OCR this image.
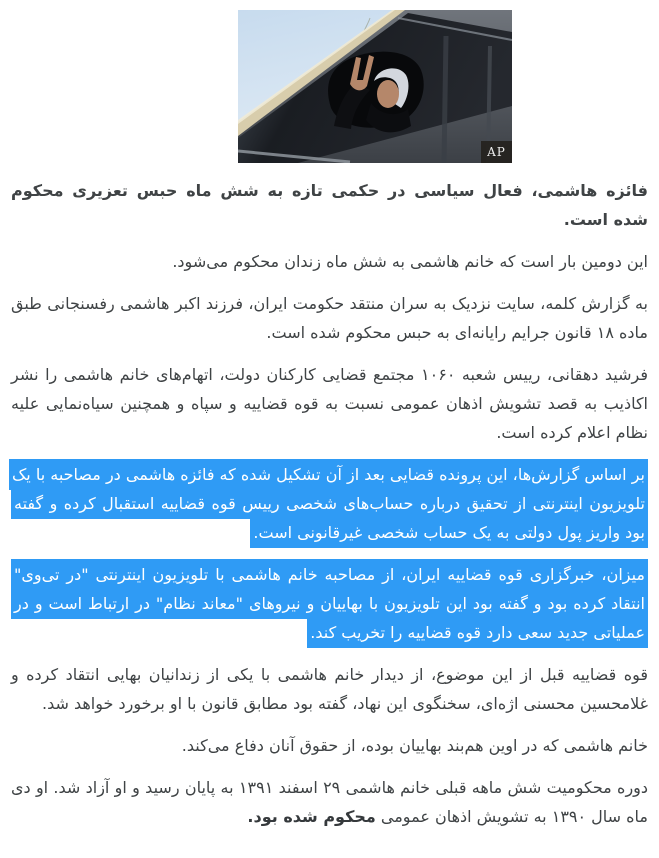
AP

فائزه هاشمی، فعال سیاسی در حکمی تازه به شش ماه حبس تعزیری محکوم شده است.

این دومین بار است که خانم هاشمی به شش ماه زندان محکوم می‌شود.

به گزارش کلمه، سایت نزدیک به سران منتقد حکومت ایران، فرزند اکبر هاشمی رفسنجانی طبق ماده ۱۸ قانون جرایم رایانه‌ای به حبس محکوم شده است.

فرشید دهقانی، رییس شعبه ۱۰۶۰ مجتمع قضایی کارکنان دولت، اتهام‌های خانم هاشمی را نشر اکاذیب به قصد تشویش اذهان عمومی نسبت به قوه قضاییه و سپاه و همچنین سیاه‌نمایی علیه نظام اعلام کرده است.

بر اساس گزارش‌ها، این پرونده قضایی بعد از آن تشکیل شده که فائزه هاشمی در مصاحبه با یک تلویزیون اینترنتی از تحقیق درباره حساب‌های شخصی رییس قوه قضاییه استقبال کرده و گفته بود واریز پول دولتی به یک حساب شخصی غیرقانونی است.

میزان، خبرگزاری قوه قضاییه ایران، از مصاحبه خانم هاشمی با تلویزیون اینترنتی "در تی‌وی" انتقاد کرده بود و گفته بود این تلویزیون با بهاییان و نیروهای "معاند نظام" در ارتباط است و در عملیاتی جدید سعی دارد قوه قضاییه را تخریب کند.

قوه قضاییه قبل از این موضوع، از دیدار خانم هاشمی با یکی از زندانیان بهایی انتقاد کرده و غلامحسین محسنی اژه‌ای، سخنگوی این نهاد، گفته بود مطابق قانون با او برخورد خواهد شد.

خانم هاشمی که در اوین هم‌بند بهاییان بوده، از حقوق آنان دفاع می‌کند.

دوره محکومیت شش ماهه قبلی خانم هاشمی ۲۹ اسفند ۱۳۹۱ به پایان رسید و او آزاد شد. او دی ماه سال ۱۳۹۰ به تشویش اذهان عمومی محکوم شده بود.
